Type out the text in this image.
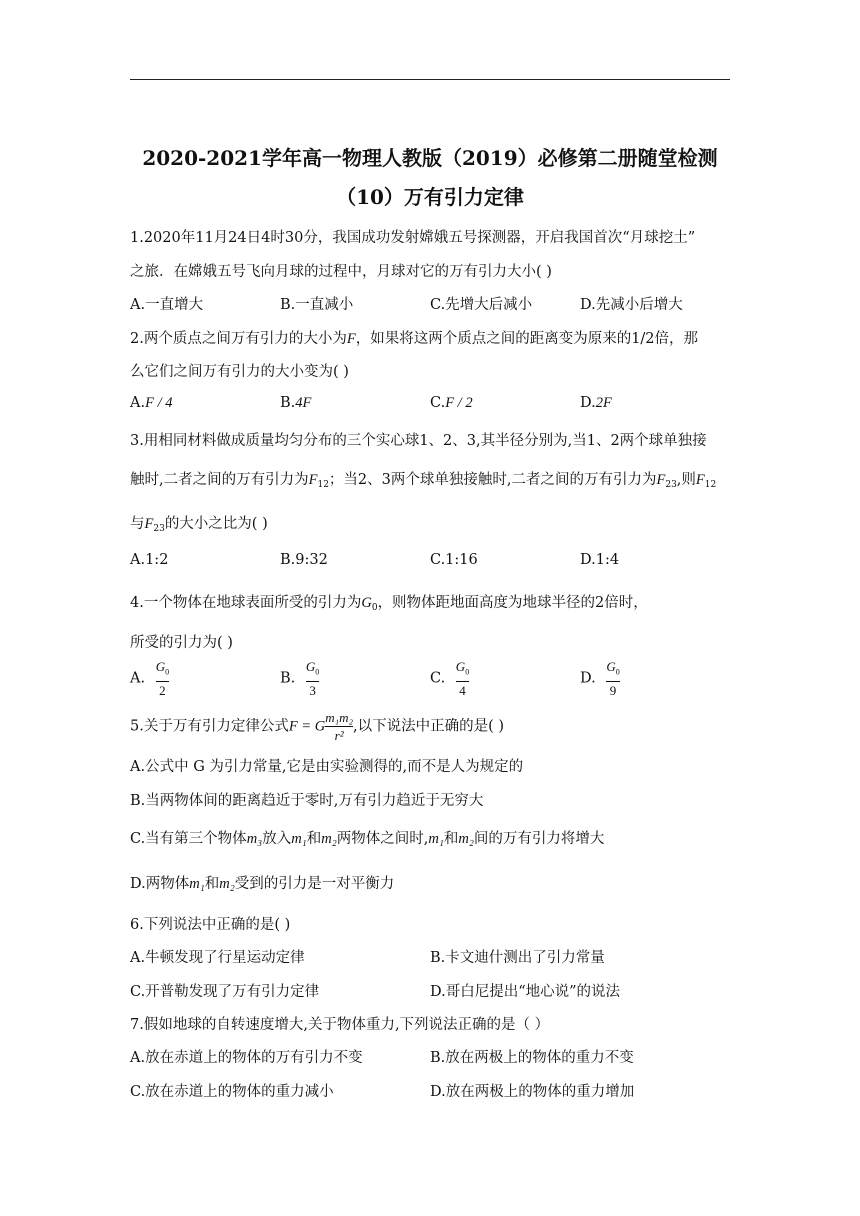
2020-2021学年高一物理人教版（2019）必修第二册随堂检测
（10）万有引力定律
1.2020年11月24日4时30分，我国成功发射嫦娥五号探测器，开启我国首次“月球挖土”
之旅．在嫦娥五号飞向月球的过程中，月球对它的万有引力大小( )
A.一直增大	B.一直减小	C.先增大后减小	D.先减小后增大
2.两个质点之间万有引力的大小为F，如果将这两个质点之间的距离变为原来的1/2倍，那
么它们之间万有引力的大小变为( )
A.F / 4	B.4F	C.F / 2	D.2F
3.用相同材料做成质量均匀分布的三个实心球1、2、3,其半径分别为,当1、2两个球单独接
触时,二者之间的万有引力为$F_{12}$；当2、3两个球单独接触时,二者之间的万有引力为$F_{23}$,则$F_{12}$
与$F_{23}$的大小之比为( )
A.1:2	B.9:32	C.1:16	D.1:4
4.一个物体在地球表面所受的引力为$G_0$，则物体距地面高度为地球半径的2倍时，
所受的引力为( )
A. $\frac{G_0}{2}$	B. $\frac{G_0}{3}$	C. $\frac{G_0}{4}$	D. $\frac{G_0}{9}$
5.关于万有引力定律公式F = G $\frac{\text{m₁m₂}}{\text{r²}}$ ,以下说法中正确的是( )
A.公式中 G 为引力常量,它是由实验测得的,而不是人为规定的
B.当两物体间的距离趋近于零时,万有引力趋近于无穷大
C.当有第三个物体m₃放入m₁和m₂两物体之间时,m₁和m₂间的万有引力将增大
D.两物体m₁和m₂受到的引力是一对平衡力
6.下列说法中正确的是( )
A.牛顿发现了行星运动定律	B.卡文迪什测出了引力常量
C.开普勒发现了万有引力定律	D.哥白尼提出“地心说”的说法
7.假如地球的自转速度增大,关于物体重力,下列说法正确的是（ ）
A.放在赤道上的物体的万有引力不变	B.放在两极上的物体的重力不变
C.放在赤道上的物体的重力减小	D.放在两极上的物体的重力增加
